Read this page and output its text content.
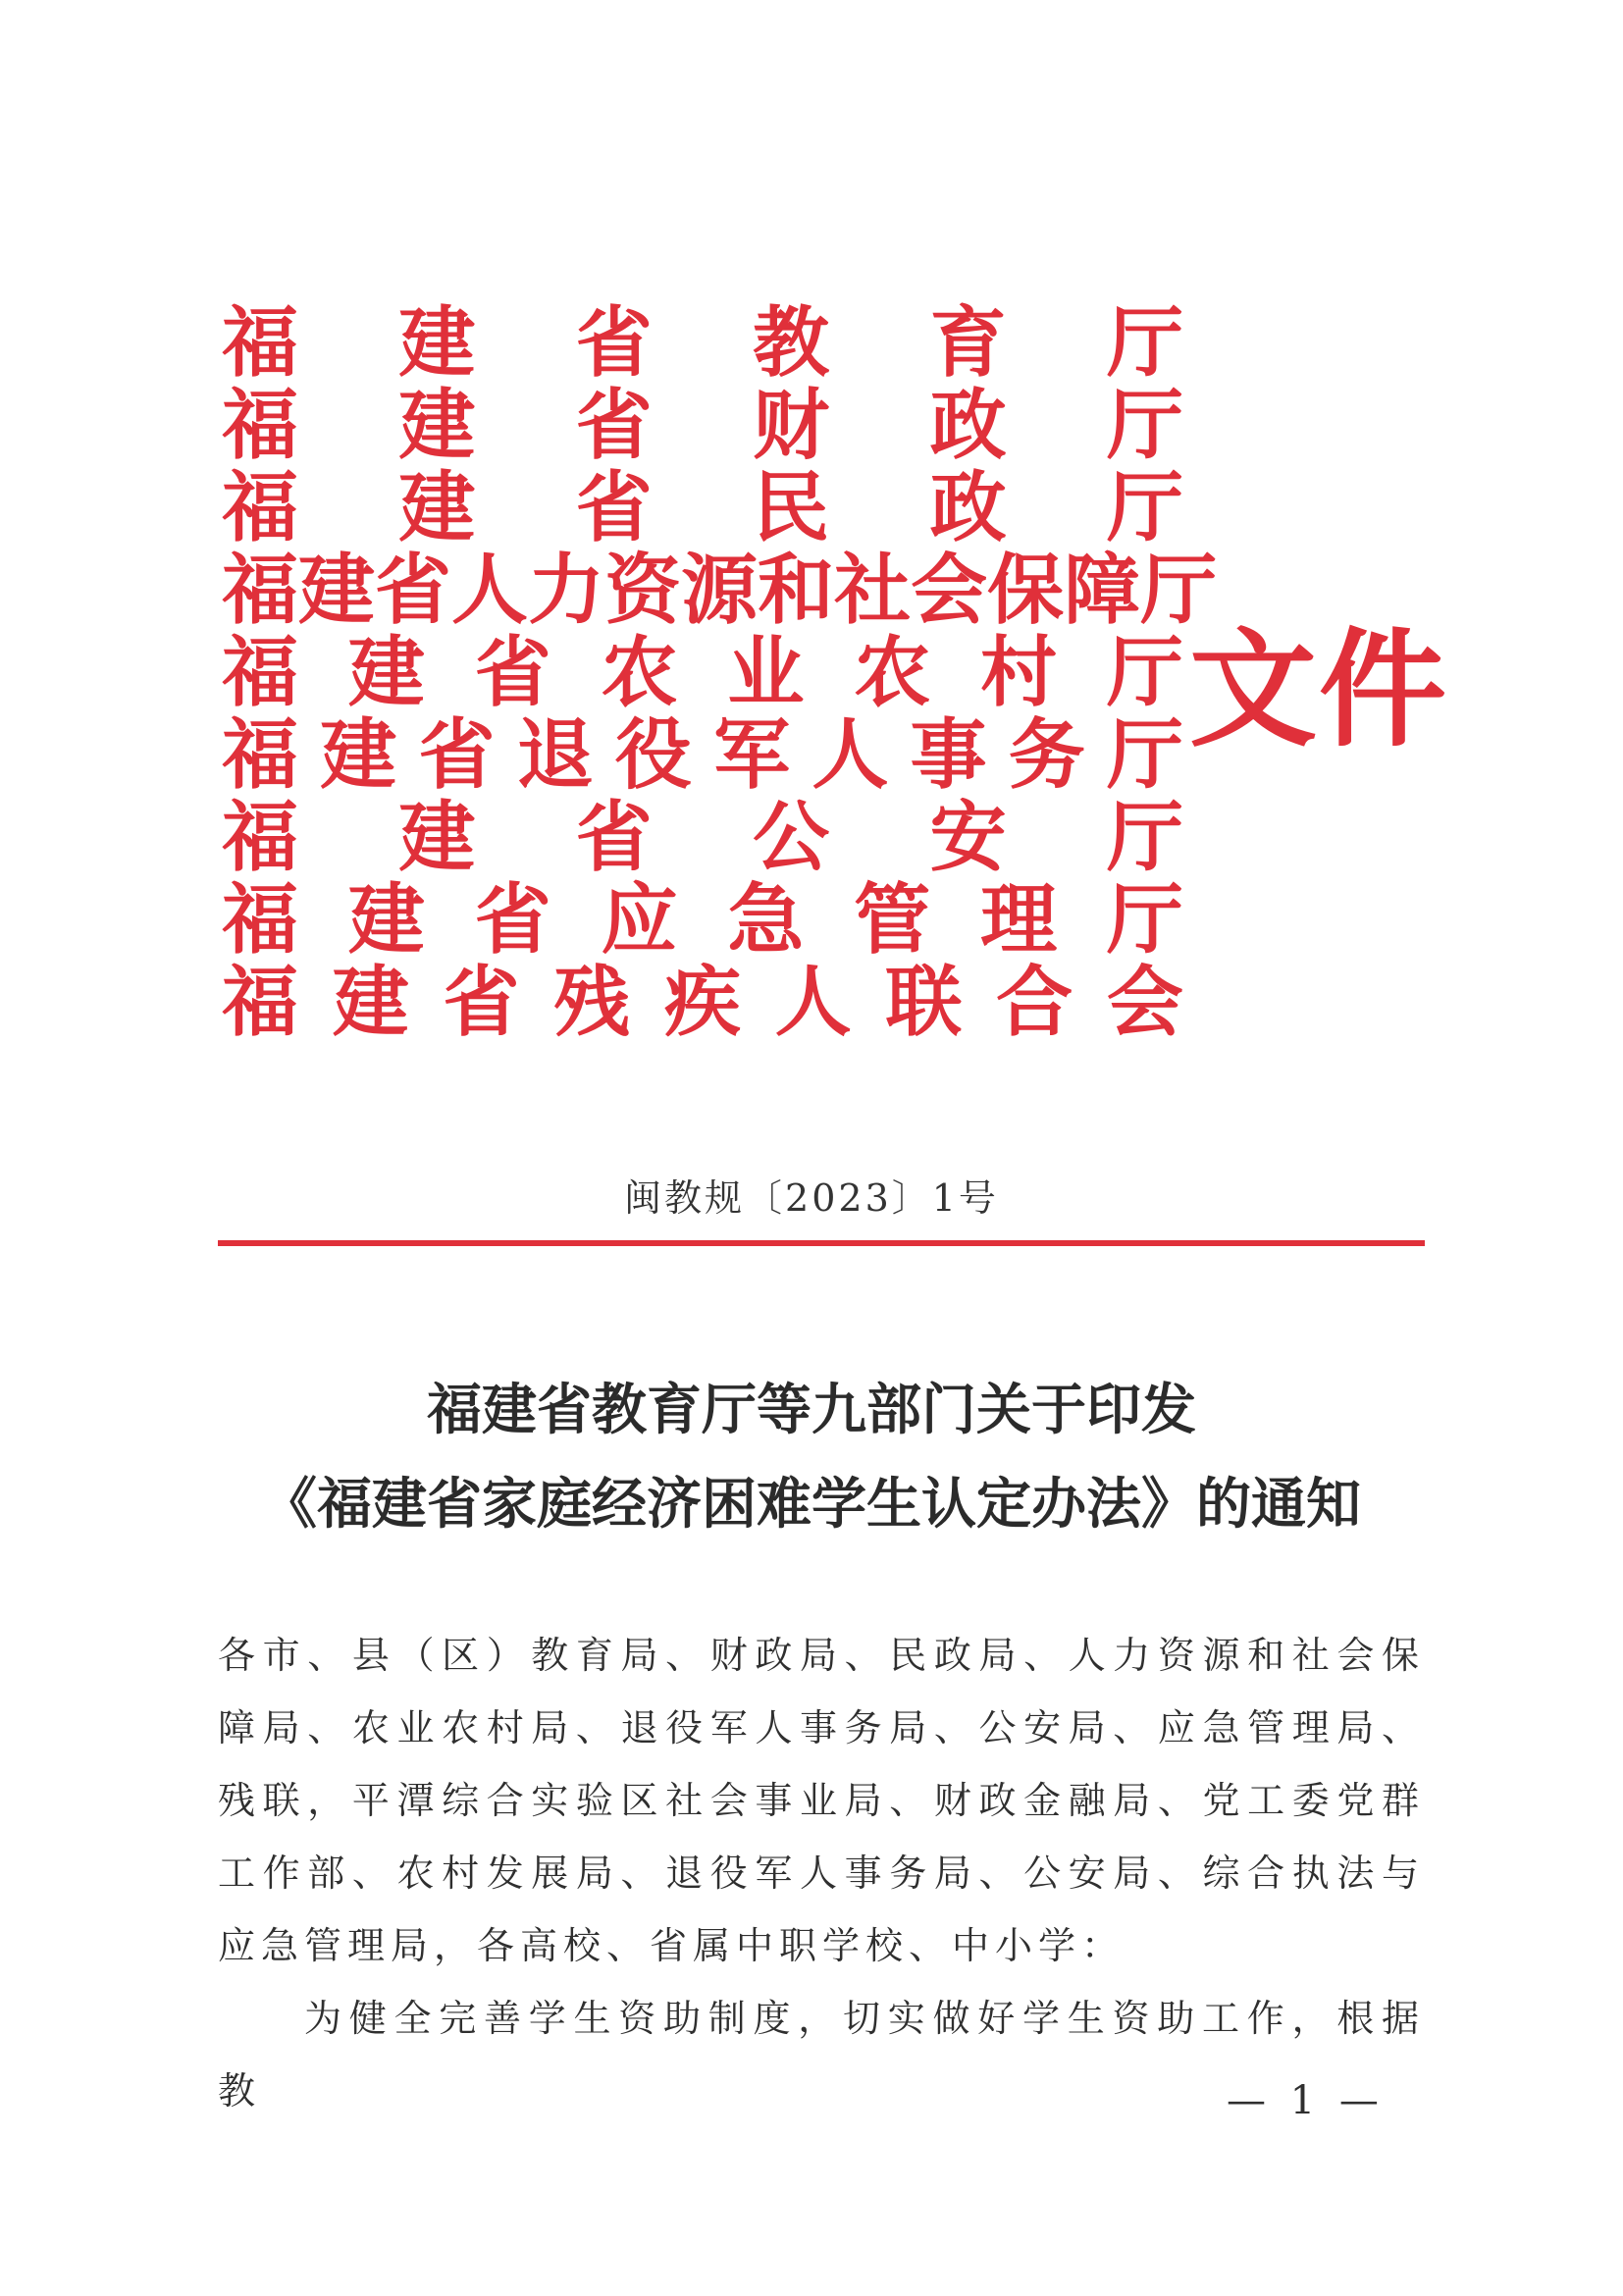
福 建 省 教 育 厅
福 建 省 财 政 厅
福 建 省 民 政 厅
福 建 省 人 力 资 源 和 社 会 保 障 厅
福 建 省 农 业 农 村 厅
福 建 省 退 役 军 人 事 务 厅
福 建 省 公 安 厅
福 建 省 应 急 管 理 厅
福 建 省 残 疾 人 联 合 会
文件
闽教规〔2023〕1号
福建省教育厅等九部门关于印发
《福建省家庭经济困难学生认定办法》的通知

各市、县（区）教育局、财政局、民政局、人力资源和社会保障局、农业农村局、退役军人事务局、公安局、应急管理局、残联，平潭综合实验区社会事业局、财政金融局、党工委党群工作部、农村发展局、退役军人事务局、公安局、综合执法与应急管理局，各高校、省属中职学校、中小学：

为健全完善学生资助制度，切实做好学生资助工作，根据教	— 1 —
